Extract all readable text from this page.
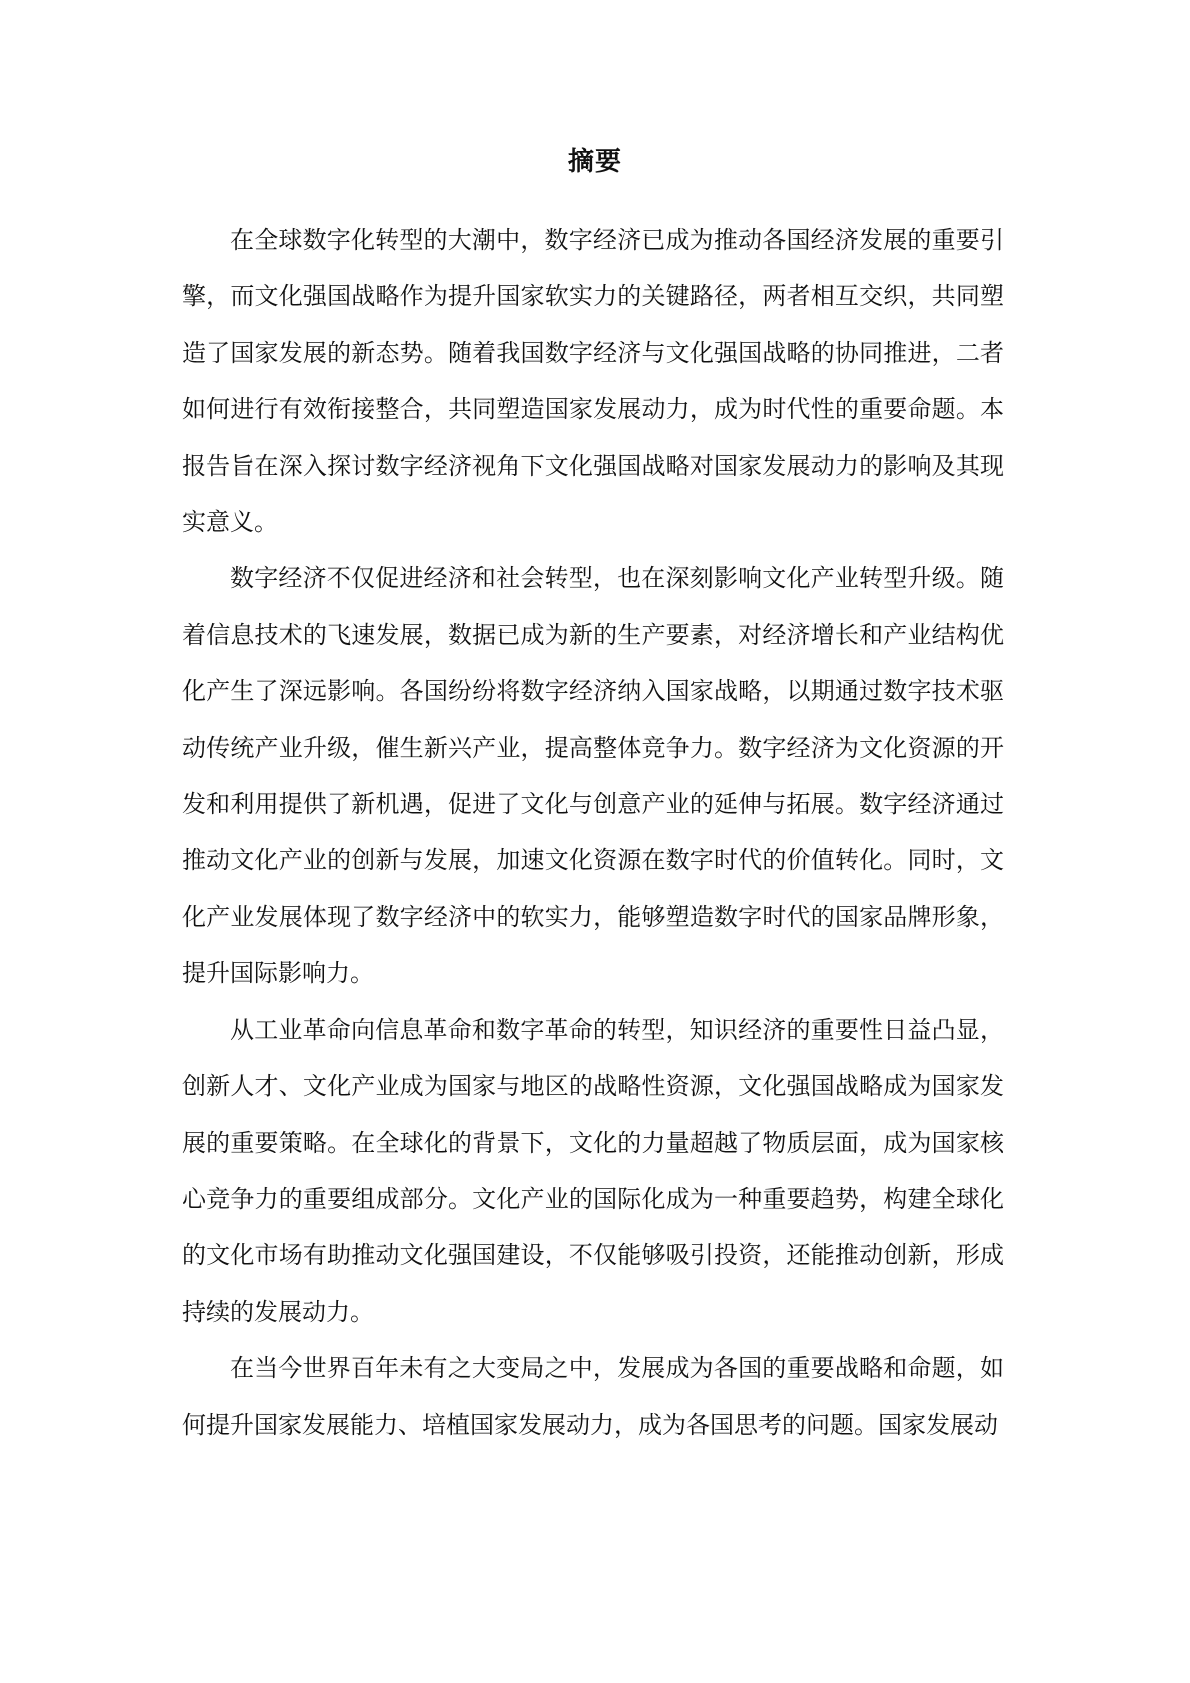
摘要

在全球数字化转型的大潮中，数字经济已成为推动各国经济发展的重要引擎，而文化强国战略作为提升国家软实力的关键路径，两者相互交织，共同塑造了国家发展的新态势。随着我国数字经济与文化强国战略的协同推进，二者如何进行有效衔接整合，共同塑造国家发展动力，成为时代性的重要命题。本报告旨在深入探讨数字经济视角下文化强国战略对国家发展动力的影响及其现实意义。

数字经济不仅促进经济和社会转型，也在深刻影响文化产业转型升级。随着信息技术的飞速发展，数据已成为新的生产要素，对经济增长和产业结构优化产生了深远影响。各国纷纷将数字经济纳入国家战略，以期通过数字技术驱动传统产业升级，催生新兴产业，提高整体竞争力。数字经济为文化资源的开发和利用提供了新机遇，促进了文化与创意产业的延伸与拓展。数字经济通过推动文化产业的创新与发展，加速文化资源在数字时代的价值转化。同时，文化产业发展体现了数字经济中的软实力，能够塑造数字时代的国家品牌形象，提升国际影响力。

从工业革命向信息革命和数字革命的转型，知识经济的重要性日益凸显，创新人才、文化产业成为国家与地区的战略性资源，文化强国战略成为国家发展的重要策略。在全球化的背景下，文化的力量超越了物质层面，成为国家核心竞争力的重要组成部分。文化产业的国际化成为一种重要趋势，构建全球化的文化市场有助推动文化强国建设，不仅能够吸引投资，还能推动创新，形成持续的发展动力。

在当今世界百年未有之大变局之中，发展成为各国的重要战略和命题，如何提升国家发展能力、培植国家发展动力，成为各国思考的问题。国家发展动
